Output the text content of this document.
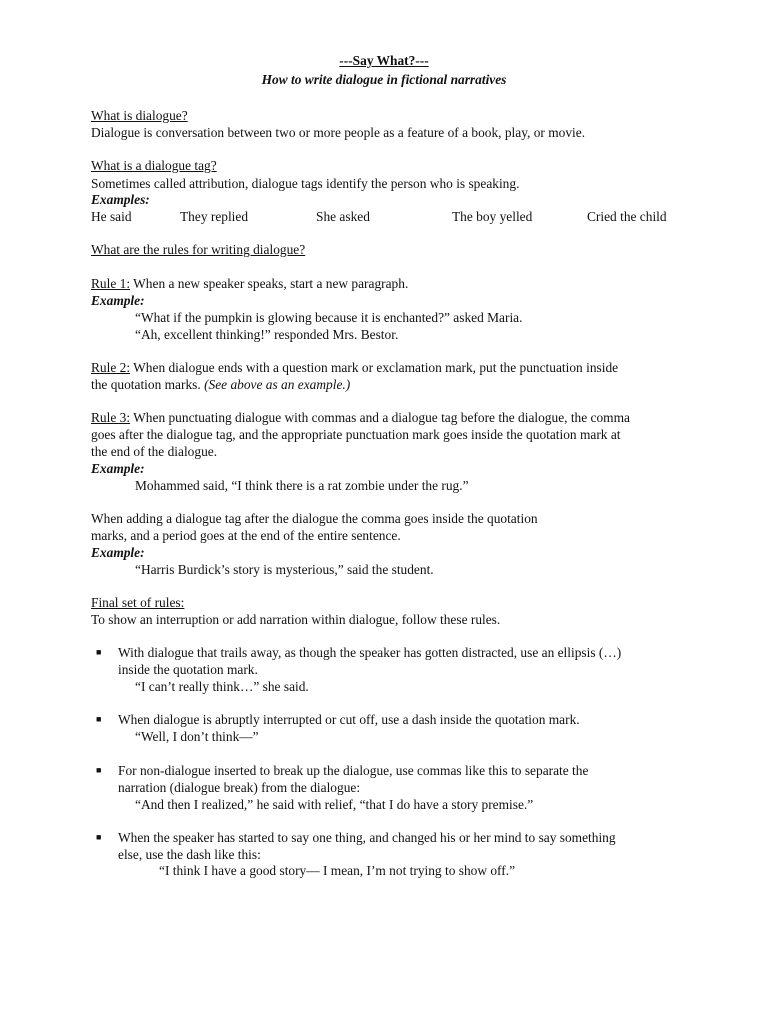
---Say What?---
How to write dialogue in fictional narratives
What is dialogue?
Dialogue is conversation between two or more people as a feature of a book, play, or movie.
What is a dialogue tag?
Sometimes called attribution, dialogue tags identify the person who is speaking.
Examples:
He said	They replied	She asked	The boy yelled	Cried the child
What are the rules for writing dialogue?
Rule 1: When a new speaker speaks, start a new paragraph.
Example:
“What if the pumpkin is glowing because it is enchanted?” asked Maria.
“Ah, excellent thinking!” responded Mrs. Bestor.
Rule 2: When dialogue ends with a question mark or exclamation mark, put the punctuation inside
the quotation marks. (See above as an example.)
Rule 3: When punctuating dialogue with commas and a dialogue tag before the dialogue, the comma
goes after the dialogue tag, and the appropriate punctuation mark goes inside the quotation mark at
the end of the dialogue.
Example:
Mohammed said, “I think there is a rat zombie under the rug.”
When adding a dialogue tag after the dialogue the comma goes inside the quotation
marks, and a period goes at the end of the entire sentence.
Example:
“Harris Burdick’s story is mysterious,” said the student.
Final set of rules:
To show an interruption or add narration within dialogue, follow these rules.
■ With dialogue that trails away, as though the speaker has gotten distracted, use an ellipsis (…)
inside the quotation mark.
“I can’t really think…” she said.
■ When dialogue is abruptly interrupted or cut off, use a dash inside the quotation mark.
“Well, I don’t think—”
■ For non-dialogue inserted to break up the dialogue, use commas like this to separate the
narration (dialogue break) from the dialogue:
“And then I realized,” he said with relief, “that I do have a story premise.”
■ When the speaker has started to say one thing, and changed his or her mind to say something
else, use the dash like this:
“I think I have a good story— I mean, I’m not trying to show off.”
